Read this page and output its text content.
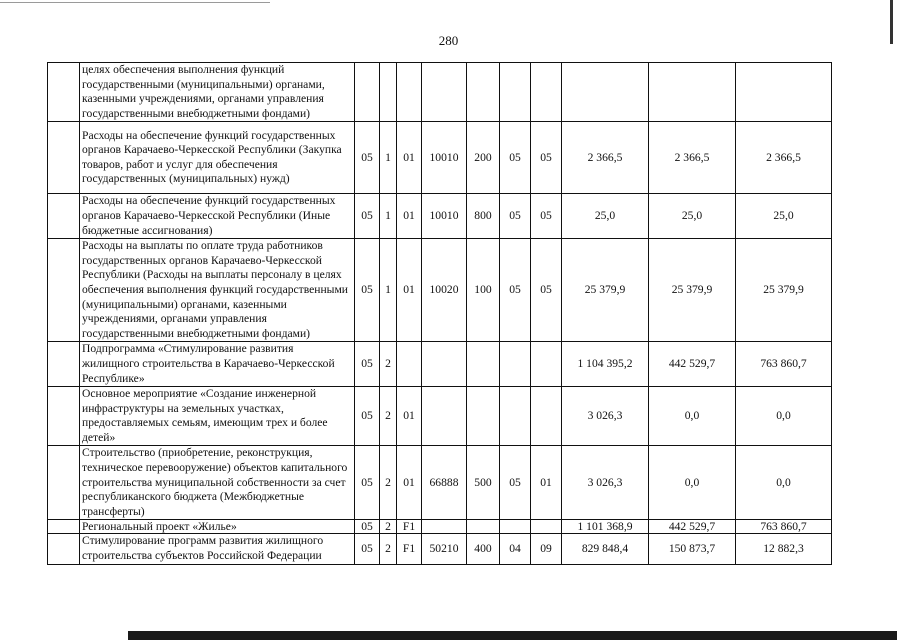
280
	целях обеспечения выполнения функций государственными (муниципальными) органами, казенными учреждениями, органами управления государственными внебюджетными фондами)										
	Расходы на обеспечение функций государственных органов Карачаево-Черкесской Республики (Закупка товаров, работ и услуг для обеспечения государственных (муниципальных) нужд)	05	1	01	10010	200	05	05	2 366,5	2 366,5	2 366,5
	Расходы на обеспечение функций государственных органов Карачаево-Черкесской Республики (Иные бюджетные ассигнования)	05	1	01	10010	800	05	05	25,0	25,0	25,0
	Расходы на выплаты по оплате труда работников государственных органов Карачаево-Черкесской Республики (Расходы на выплаты персоналу в целях обеспечения выполнения функций государственными (муниципальными) органами, казенными учреждениями, органами управления государственными внебюджетными фондами)	05	1	01	10020	100	05	05	25 379,9	25 379,9	25 379,9
	Подпрограмма «Стимулирование развития жилищного строительства в Карачаево-Черкесской Республике»	05	2						1 104 395,2	442 529,7	763 860,7
	Основное мероприятие «Создание инженерной инфраструктуры на земельных участках, предоставляемых семьям, имеющим трех и более детей»	05	2	01					3 026,3	0,0	0,0
	Строительство (приобретение, реконструкция, техническое перевооружение) объектов капитального строительства муниципальной собственности за счет республиканского бюджета (Межбюджетные трансферты)	05	2	01	66888	500	05	01	3 026,3	0,0	0,0
	Региональный проект «Жилье»	05	2	F1					1 101 368,9	442 529,7	763 860,7
	Стимулирование программ развития жилищного строительства субъектов Российской Федерации	05	2	F1	50210	400	04	09	829 848,4	150 873,7	12 882,3
